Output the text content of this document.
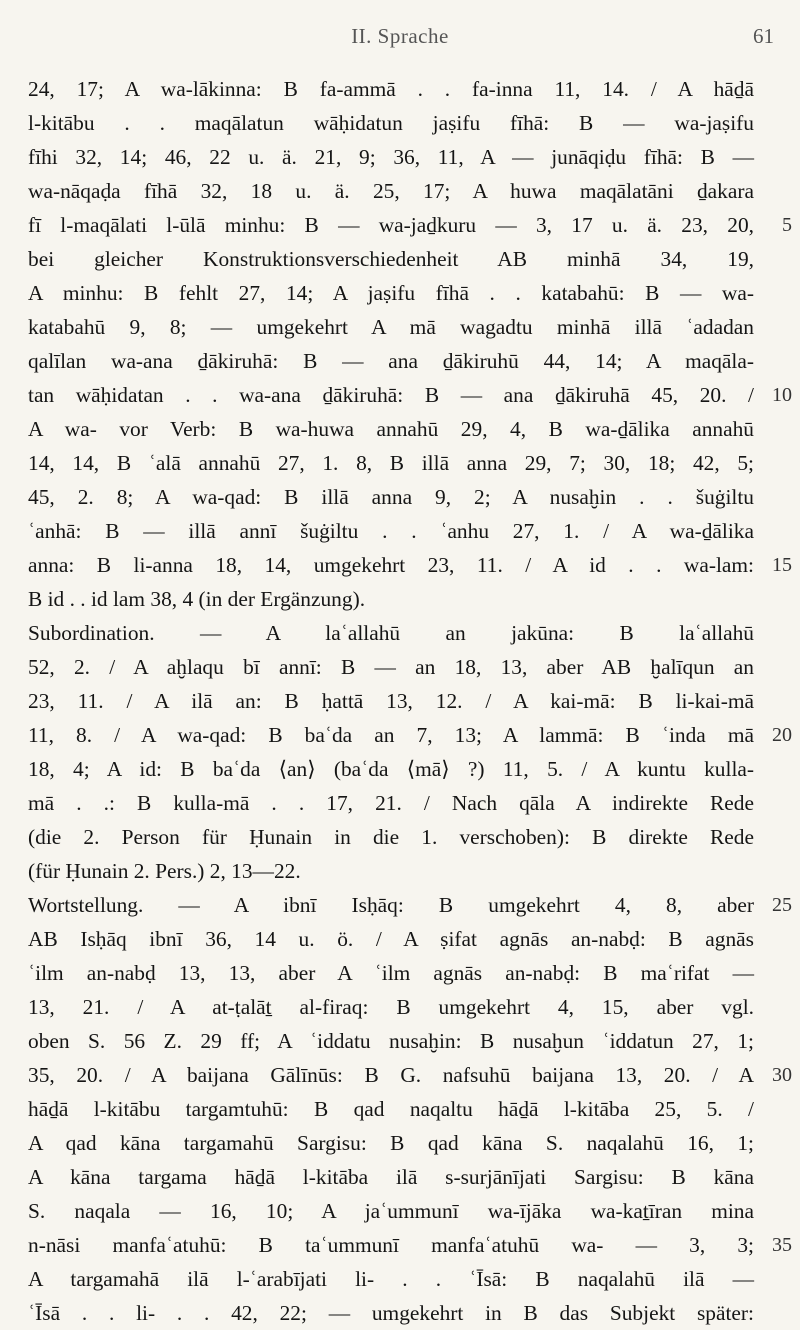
II. Sprache	61
24, 17; A wa-lākinna: B fa-ammā . . fa-inna 11, 14. / A hāḏā
l-kitābu . . maqālatun wāḥidatun jaṣifu fīhā: B — wa-jaṣifu
fīhi 32, 14; 46, 22 u. ä. 21, 9; 36, 11, A — junāqiḍu fīhā: B —
wa-nāqaḍa fīhā 32, 18 u. ä. 25, 17; A huwa maqālatāni ḏakara
fī l-maqālati l-ūlā minhu: B — wa-jaḏkuru — 3, 17 u. ä. 23, 20,
bei gleicher Konstruktionsverschiedenheit AB minhā 34, 19,
A minhu: B fehlt 27, 14; A jaṣifu fīhā . . katabahū: B — wa-
katabahū 9, 8; — umgekehrt A mā wagadtu minhā illā ʿadadan
qalīlan wa-ana ḏākiruhā: B — ana ḏākiruhū 44, 14; A maqāla-
tan wāḥidatan . . wa-ana ḏākiruhā: B — ana ḏākiruhā 45, 20. /
A wa- vor Verb: B wa-huwa annahū 29, 4, B wa-ḏālika annahū
14, 14, B ʿalā annahū 27, 1. 8, B illā anna 29, 7; 30, 18; 42, 5;
45, 2. 8; A wa-qad: B illā anna 9, 2; A nusaḫin . . šuġiltu
ʿanhā: B — illā annī šuġiltu . . ʿanhu 27, 1. / A wa-ḏālika
anna: B li-anna 18, 14, umgekehrt 23, 11. / A id . . wa-lam:
B id . . id lam 38, 4 (in der Ergänzung).
Subordination. — A laʿallahū an jakūna: B laʿallahū
52, 2. / A aḫlaqu bī annī: B — an 18, 13, aber AB ḫalīqun an
23, 11. / A ilā an: B ḥattā 13, 12. / A kai-mā: B li-kai-mā
11, 8. / A wa-qad: B baʿda an 7, 13; A lammā: B ʿinda mā
18, 4; A id: B baʿda ⟨an⟩ (baʿda ⟨mā⟩ ?) 11, 5. / A kuntu kulla-
mā . .: B kulla-mā . . 17, 21. / Nach qāla A indirekte Rede
(die 2. Person für Ḥunain in die 1. verschoben): B direkte Rede
(für Ḥunain 2. Pers.) 2, 13—22.
Wortstellung. — A ibnī Isḥāq: B umgekehrt 4, 8, aber
AB Isḥāq ibnī 36, 14 u. ö. / A ṣifat agnās an-nabḍ: B agnās
ʿilm an-nabḍ 13, 13, aber A ʿilm agnās an-nabḍ: B maʿrifat —
13, 21. / A at-ṭalāṯ al-firaq: B umgekehrt 4, 15, aber vgl.
oben S. 56 Z. 29 ff; A ʿiddatu nusaḫin: B nusaḫun ʿiddatun 27, 1;
35, 20. / A baijana Gālīnūs: B G. nafsuhū baijana 13, 20. / A
hāḏā l-kitābu targamtuhū: B qad naqaltu hāḏā l-kitāba 25, 5. /
A qad kāna targamahū Sargisu: B qad kāna S. naqalahū 16, 1;
A kāna targama hāḏā l-kitāba ilā s-surjānījati Sargisu: B kāna
S. naqala — 16, 10; A jaʿummunī wa-ījāka wa-kaṯīran mina
n-nāsi manfaʿatuhū: B taʿummunī manfaʿatuhū wa- — 3, 3;
A targamahā ilā l-ʿarabījati li- . . ʿĪsā: B naqalahū ilā —
ʿĪsā . . li- . . 42, 22; — umgekehrt in B das Subjekt später:
5
10
15
20
25
30
35
